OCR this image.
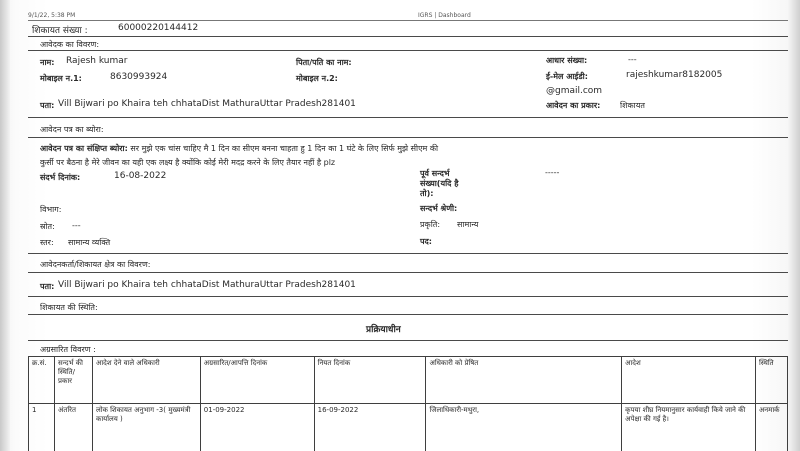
9/1/22, 5:38 PM	IGRS | Dashboard
शिकायत संख्या :	60000220144412
आवेदक का विवरण:
नाम: Rajesh kumar	पिता/पति का नाम:	आधार संख्या:	---
मोबाइल न.1:	8630993924	मोबाइल न.2:	ई-मेल आईडी:	rajeshkumar8182005
@gmail.com
पता: Vill Bijwari po Khaira teh chhataDist MathuraUttar Pradesh281401	आवेदन का प्रकार: शिकायत
आवेदन पत्र का ब्योरा:
आवेदन पत्र का संक्षिप्त ब्योरा: सर मुझे एक चांस चाहिए मै 1 दिन का सीएम बनना चाहता हु 1 दिन का 1 घंटे के लिए सिर्फ मुझे सीएम की
कुर्सी पर बैठना है मेरे जीवन का यही एक लक्ष्य है क्योंकि कोई मेरी मदद्र करने के लिए तैयार नहीं है plz
संदर्भ दिनांक:	16-08-2022	पूर्व सन्दर्भ
संख्या(यदि है
तो):
-----
विभाग:	सन्दर्भ श्रेणी:
स्रोत: ---	प्रकृति: सामान्य
स्तर: सामान्य व्यक्ति	पद:
आवेदनकर्ता/शिकायत क्षेत्र का विवरण:
पता: Vill Bijwari po Khaira teh chhataDist MathuraUttar Pradesh281401
शिकायत की स्थिति:
प्रक्रियाधीन
अग्रसारित विवरण :
क्र.सं.	सन्दर्भ की स्थिति/प्रकार	आदेश देने वाले अधिकारी	अग्रसारित/आपत्ति दिनांक	नियत दिनांक	अधिकारी को प्रेषित	आदेश	स्थिति
1	अंतरित	लोक शिकायत अनुभाग -3( मुख्यमंत्री कार्यालय )	01-09-2022	16-09-2022	जिलाधिकारी-मथुरा,	कृपया शीघ्र नियमानुसार कार्यवाही किये जाने की अपेक्षा की गई है।	अनमार्क
